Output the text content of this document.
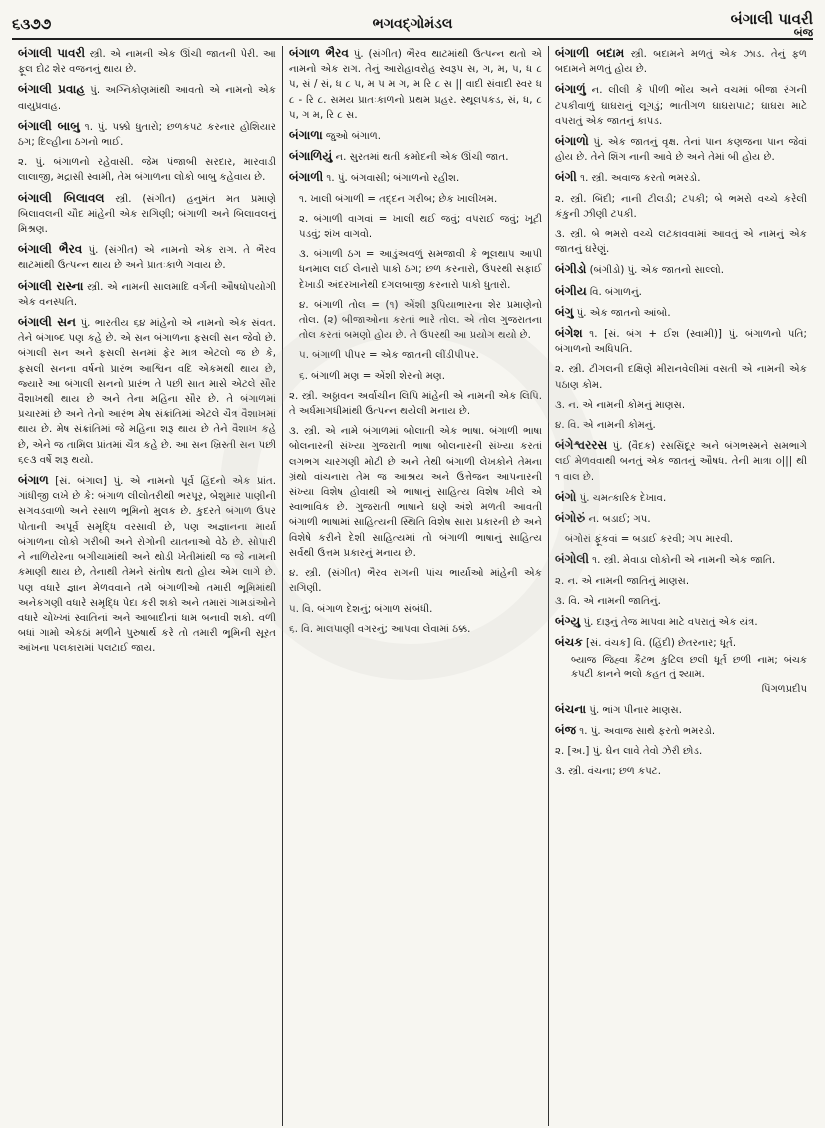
૬૩૭૭	ભગવદ્ગોમંડલ	બંગાલી પાવરી
બંજ
બંગાલી પાવરી સ્ત્રી. એ નામની એક ઊંચી જાતની પેરી. આ ફૂલ દોઢ શેર વજનનું થાય છે.
બંગાલી પ્રવાહ પું. અગ્નિકોણમાંથી આવતો એ નામનો એક વાયુપ્રવાહ.
બંગાલી બાબુ ૧. પું. પક્કો ધુતારો; છળકપટ કરનાર હોશિયાર ઠગ; દિલ્હીના ઠગનો ભાઈ.
૨. પું. બંગાળનો રહેવાસી. જેમ પંજાબી સરદાર, મારવાડી લાલાજી, મદ્રાસી સ્વામી, તેમ બંગાળના લોકો બાબુ કહેવાય છે.
બંગાલી બિલાવલ સ્ત્રી. (સંગીત) હનુમંત મત પ્રમાણે બિલાવલની ચૌદ માંહેની એક રાગિણી; બંગાળી અને બિલાવલનું મિશ્રણ.
બંગાલી ભૈરવ પું. (સંગીત) એ નામનો એક રાગ. તે ભૈરવ થાટમાંથી ઉત્પન્ન થાય છે અને પ્રાતઃકાળે ગવાય છે.
બંગાલી રાસ્ના સ્ત્રી. એ નામની સાલમાદિ વર્ગની ઔષધોપયોગી એક વનસ્પતિ.
બંગાલી સન પું. ભારતીય ૬૪ માંહેનો એ નામનો એક સંવત. તેને બંગાબ્દ પણ કહે છે. એ સન બંગાળના ફસલી સન જેવો છે. બંગાલી સન અને ફસલી સનમાં ફેર માત્ર એટલો જ છે કે, ફસલી સનના વર્ષનો પ્રારંભ આશ્વિન વદિ એકમથી થાય છે, જ્યારે આ બંગાલી સનનો પ્રારંભ તે પછી સાત માસે એટલે સૌર વૈશાખથી થાય છે અને તેના મહિના સૌર છે. તે બંગાળમાં પ્રચારમાં છે અને તેનો આરંભ મેષ સંક્રાંતિમાં એટલે ચૈત્ર વૈશાખમાં થાય છે. મેષ સંક્રાંતિમાં જે મહિના શરૂ થાય છે તેને વૈશાખ કહે છે, એને જ તામિલ પ્રાંતમાં ચૈત્ર કહે છે. આ સન ખ્રિસ્તી સન પછી ૬૯૩ વર્ષે શરૂ થયો.
બંગાળ [સં. બંગાલ] પું. એ નામનો પૂર્વ હિંદનો એક પ્રાંત. ગાંધીજી લખે છે કે: બંગાળ લીલોતરીથી ભરપૂર, બેશુમાર પાણીની સગવડવાળો અને રસાળ ભૂમિનો મુલક છે. કુદરતે બંગાળ ઉપર પોતાની અપૂર્વ સમૃદ્ધિ વરસાવી છે, પણ અજ્ઞાનના માર્યા બંગાળના લોકો ગરીબી અને રોગોની યાતનાઓ વેઠે છે. સોપારી ને નાળિયેરના બગીચામાંથી અને થોડી ખેતીમાંથી જ જે નામની કમાણી થાય છે, તેનાથી તેમને સંતોષ થતો હોય એમ લાગે છે. પણ વધારે જ્ઞાન મેળવવાને તમે બંગાળીઓ તમારી ભૂમિમાંથી અનેકગણી વધારે સમૃદ્ધિ પેદા કરી શકો અને તમારાં ગામડાંઓને વધારે ચોખ્ખાં સ્વાતિનાં અને આબાદીનાં ધામ બનાવી શકો. વળી બધાં ગામો એકઠાં મળીને પુરુષાર્થ કરે તો તમારી ભૂમિની સૂરત આંખના પલકારામાં પલટાઈ જાય.
બંગાળ ભૈરવ પું. (સંગીત) ભૈરવ થાટમાંથી ઉત્પન્ન થતો એ નામનો એક રાગ. તેનું આરોહાવરોહ સ્વરૂપ સ, ગ, મ, પ, ધ ૮ પ, સં / સં, ધ ૮ પ, મ પ મ ગ, મ રિ ૮ સ || વાદી સંવાદી સ્વર ધ ૮ - રિ ૮. સમય પ્રાતઃકાળનો પ્રથમ પ્રહર. સ્થૂલપકડ, સં, ધ, ૮ પ, ગ મ, રિ ૮ સ.
બંગાળા જુઓ બંગાળ.
બંગાળિયું ન. સુરતમાં થતી કમોદની એક ઊંચી જાત.
બંગાળી ૧. પું. બંગવાસી; બંગાળનો રહીશ.
૧. ખાલી બંગાળી = તદ્દન ગરીબ; છેક ખાલીખમ.
૨. બંગાળી વાગવાં = ખાલી થઈ જવું; વપરાઈ જવું; ખૂટી પડવું; શંખ વાગવો.
૩. બંગાળી ઠગ = આડુંઅવળું સમજાવી કે ભૂલથાપ આપી ધનમાલ લઈ લેનારો પાકો ઠગ; છળ કરનારો, ઉપરથી સફાઈ દેખાડી અંદરખાનેથી દગલબાજી કરનારો પાકો ધુતારો.
૪. બંગાળી તોલ = (૧) એંશી રૂપિયાભારના શેર પ્રમાણેનો તોલ. (૨) બીજાઓના કરતાં ભારે તોલ. એ તોલ ગુજરાતના તોલ કરતાં બમણો હોય છે. તે ઉપરથી આ પ્રયોગ થયો છે.
૫. બંગાળી પીપર = એક જાતની લીંડીપીપર.
૬. બંગાળી મણ = એંશી શેરનો મણ.
૨. સ્ત્રી. અઠ્ઠાવન અર્વાચીન લિપિ માંહેની એ નામની એક લિપિ. તે અર્ધમાગધીમાંથી ઉત્પન્ન થયેલી મનાય છે.
૩. સ્ત્રી. એ નામે બંગાળમાં બોલાતી એક ભાષા. બંગાળી ભાષા બોલનારની સંખ્યા ગુજરાતી ભાષા બોલનારની સંખ્યા કરતાં લગભગ ચારગણી મોટી છે અને તેથી બંગાળી લેખકોને તેમના ગ્રંથો વાંચનારા તેમ જ આશ્રય અને ઉત્તેજન આપનારની સંખ્યા વિશેષ હોવાથી એ ભાષાનું સાહિત્ય વિશેષ ખીલે એ સ્વાભાવિક છે. ગુજરાતી ભાષાને ઘણે અંશે મળતી આવતી બંગાળી ભાષામાં સાહિત્યની સ્થિતિ વિશેષ સારા પ્રકારની છે અને વિશેષે કરીને દેશી સાહિત્યમાં તો બંગાળી ભાષાનું સાહિત્ય સર્વથી ઉત્તમ પ્રકારનું મનાય છે.
૪. સ્ત્રી. (સંગીત) ભૈરવ રાગની પાંચ ભાર્યાઓ માંહેની એક રાગિણી.
૫. વિ. બંગાળ દેશનું; બંગાળ સંબંધી.
૬. વિ. માલપાણી વગરનું; આપવા લેવામાં ઠક્ક.
બંગાળી બદામ સ્ત્રી. બદામને મળતું એક ઝાડ. તેનું ફળ બદામને મળતું હોય છે.
બંગાળું ન. લીલી કે પીળી ભોંય અને વચમાં બીજા રંગની ટપકીવાળું ઘાઘરાનું લૂગડું; ભાતીગળ ઘાઘરાપાટ; ઘાઘરા માટે વપરાતું એક જાતનું કાપડ.
બંગાળો પું. એક જાતનું વૃક્ષ. તેનાં પાન કણજના પાન જેવાં હોય છે. તેને શિંગ નાની આવે છે અને તેમાં બી હોય છે.
બંગી ૧. સ્ત્રી. અવાજ કરતો ભમરડો.
૨. સ્ત્રી. બિંદી; નાની ટીલડી; ટપકી; બે ભમરો વચ્ચે કરેલી કંકુની ઝીણી ટપકી.
૩. સ્ત્રી. બે ભમરો વચ્ચે લટકાવવામાં આવતું એ નામનું એક જાતનું ઘરેણું.
બંગીડો (બંગીડો) પું. એક જાતનો સાલ્લો.
બંગીય વિ. બંગાળનું.
બંગુ પું. એક જાતનો આંબો.
બંગેશ ૧. [સં. બંગ + ઈશ (સ્વામી)] પું. બંગાળનો પતિ; બંગાળનો અધિપતિ.
૨. સ્ત્રી. ટીગલની દક્ષિણે મીરાનવેલીમાં વસતી એ નામની એક પઠાણ કોમ.
૩. ન. એ નામની કોમનું માણસ.
૪. વિ. એ નામની કોમનું.
બંગેશ્વરરસ પું. (વૈદક) રસસિંદૂર અને બંગભસ્મને સમભાગે લઈ મેળવવાથી બનતું એક જાતનું ઔષધ. તેની માત્રા ૦||| થી ૧ વાલ છે.
બંગો પું. ચમત્કારિક દેખાવ.
બંગોરું ન. બડાઈ; ગપ.
બંગોરાં ફૂંકવાં = બડાઈ કરવી; ગપ મારવી.
બંગોલી ૧. સ્ત્રી. મેવાડા લોકોની એ નામની એક જાતિ.
૨. ન. એ નામની જાતિનું માણસ.
૩. વિ. એ નામની જાતિનું.
બંગ્યુ પું. દારૂનું તેજ માપવા માટે વપરાતું એક યંત્ર.
બંચક [સં. વંચક] વિ. (હિંદી) છેતરનાર; ધૂર્ત.
બ્યાજ જિહ્વા કૈટભ કુટિલ છલી ધૂર્ત છળી નામ; બંચક કપટી કાનને ભલો કહત તું શ્યામ.
પિંગળપ્રદીપ
બંચના પું. ભાંગ પીનાર માણસ.
બંજ ૧. પું. અવાજ સાથે ફરતો ભમરડો.
૨. [અ.] પું. ઘેન લાવે તેવો ઝેરી છોડ.
૩. સ્ત્રી. વંચના; છળ કપટ.
